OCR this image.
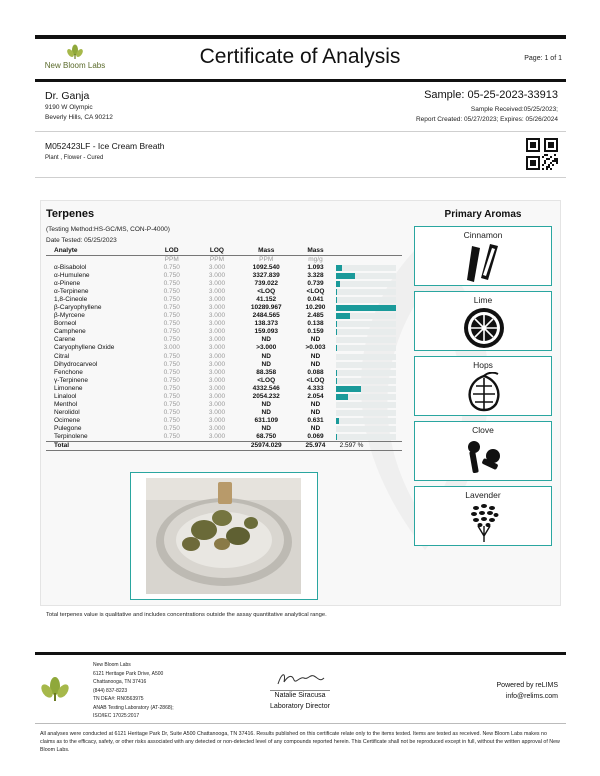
New Bloom Labs	Certificate of Analysis	Page: 1 of 1
Dr. Ganja
9190 W Olympic
Beverly Hills, CA 90212
Sample: 05-25-2023-33913
Sample Received:05/25/2023;
Report Created: 05/27/2023; Expires: 05/26/2024
M052423LF - Ice Cream Breath
Plant , Flower - Cured
Terpenes
(Testing Method:HS-GC/MS, CON-P-4000)
Date Tested: 05/25/2023
Analyte	LOD	LOQ	Mass	Mass	
	PPM	PPM	PPM	mg/g	
α-Bisabolol	0.750	3.000	1092.540	1.093	

α-Humulene	0.750	3.000	3327.839	3.328	

α-Pinene	0.750	3.000	739.022	0.739	

α-Terpinene	0.750	3.000	<LOQ	<LOQ	

1,8-Cineole	0.750	3.000	41.152	0.041	

β-Caryophyllene	0.750	3.000	10289.967	10.290	

β-Myrcene	0.750	3.000	2484.565	2.485	

Borneol	0.750	3.000	138.373	0.138	

Camphene	0.750	3.000	159.093	0.159	

Carene	0.750	3.000	ND	ND	

Caryophyllene Oxide	3.000	3.000	>3.000	>0.003	

Citral	0.750	3.000	ND	ND	

Dihydrocarveol	0.750	3.000	ND	ND	

Fenchone	0.750	3.000	88.358	0.088	

γ-Terpinene	0.750	3.000	<LOQ	<LOQ	

Limonene	0.750	3.000	4332.546	4.333	

Linalool	0.750	3.000	2054.232	2.054	

Menthol	0.750	3.000	ND	ND	

Nerolidol	0.750	3.000	ND	ND	

Ocimene	0.750	3.000	631.109	0.631	

Pulegone	0.750	3.000	ND	ND	

Terpinolene	0.750	3.000	68.750	0.069	

Total			25974.029	25.974	2.597 %
Primary Aromas
Cinnamon
Lime
Hops
Clove
Lavender
Total terpenes value is qualitative and includes concentrations outside the assay quantitative analytical range.
New Bloom Labs
6121 Heritage Park Drive, A500
Chattanooga, TN 37416
(844) 837-8223
TN DEA#: RN0563975
ANAB Testing Laboratory (AT-2868);
ISO/IEC 17025:2017
Natalie Siracusa
Laboratory Director
Powered by reLIMS
info@relims.com
All analyses were conducted at 6121 Heritage Park Dr, Suite A500 Chattanooga, TN 37416. Results published on this certificate relate only to the items tested. Items are tested as received. New Bloom Labs makes no claims as to the efficacy, safety, or other risks associated with any detected or non-detected level of any compounds reported herein. This Certificate shall not be reproduced except in full, without the written approval of New Bloom Labs.
